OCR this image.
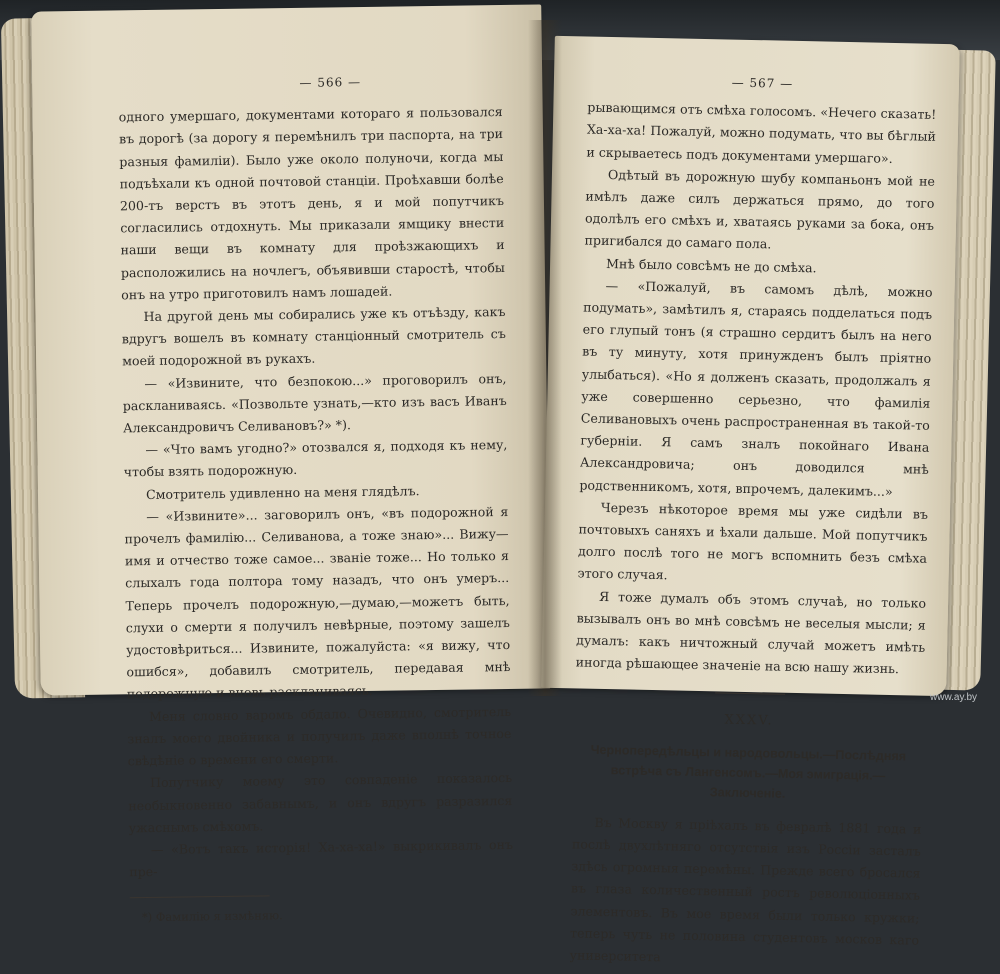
— 566 —

одного умершаго, документами котораго я пользовался въ дорогѣ (за дорогу я перемѣнилъ три паспорта, на три разныя фамиліи). Было уже около полуночи, когда мы подъѣхали къ одной почтовой станціи. Проѣхавши болѣе 200-тъ верстъ въ этотъ день, я и мой попутчикъ согласились отдохнуть. Мы приказали ямщику внести наши вещи въ комнату для проѣзжающихъ и расположились на ночлегъ, объявивши старостѣ, чтобы онъ на утро приготовилъ намъ лошадей.

На другой день мы собирались уже къ отъѣзду, какъ вдругъ вошелъ въ комнату станціонный смотритель съ моей подорожной въ рукахъ.

— «Извините, что безпокою...» проговорилъ онъ, раскланиваясь. «Позвольте узнать,—кто изъ васъ Иванъ Александровичъ Селивановъ?» *).

— «Что вамъ угодно?» отозвался я, подходя къ нему, чтобы взять подорожную.

Смотритель удивленно на меня глядѣлъ.

— «Извините»... заговорилъ онъ, «въ подорожной я прочелъ фамилію... Селиванова, а тоже знаю»... Вижу—имя и отчество тоже самое... званіе тоже... Но только я слыхалъ года полтора тому назадъ, что онъ умеръ... Теперь прочелъ подорожную,—думаю,—можетъ быть, слухи о смерти я получилъ невѣрные, поэтому зашелъ удостовѣриться... Извините, пожалуйста: «я вижу, что ошибся», добавилъ смотритель, передавая мнѣ подорожную и вновь раскланиваясь.

Меня словно варомъ обдало. Очевидно, смотритель зналъ моего двойника и получилъ даже вполнѣ точное свѣдѣніе о времени его смерти.

Попутчику моему это совпаденіе показалось необыкновенно забавнымъ, и онъ вдругъ разразился ужаснымъ смѣхомъ.

— «Вотъ такъ исторія! Ха-ха-ха!» выкрикивалъ онъ пре-

*) Фамилію я измѣняю.

— 567 —

рывающимся отъ смѣха голосомъ. «Нечего сказать! Ха-ха-ха! Пожалуй, можно подумать, что вы бѣглый и скрываетесь подъ документами умершаго».

Одѣтый въ дорожную шубу компаньонъ мой не имѣлъ даже силъ держаться прямо, до того одолѣлъ его смѣхъ и, хватаясь руками за бока, онъ пригибался до самаго пола.

Мнѣ было совсѣмъ не до смѣха.

— «Пожалуй, въ самомъ дѣлѣ, можно подумать», замѣтилъ я, стараясь подделаться подъ его глупый тонъ (я страшно сердитъ былъ на него въ ту минуту, хотя принужденъ былъ пріятно улыбаться). «Но я долженъ сказать, продолжалъ я уже совершенно серьезно, что фамилія Селивановыхъ очень распространенная въ такой-то губерніи. Я самъ зналъ покойнаго Ивана Александровича; онъ доводился мнѣ родственникомъ, хотя, впрочемъ, далекимъ...»

Черезъ нѣкоторое время мы уже сидѣли въ почтовыхъ саняхъ и ѣхали дальше. Мой попутчикъ долго послѣ того не могъ вспомнить безъ смѣха этого случая.

Я тоже думалъ объ этомъ случаѣ, но только вызывалъ онъ во мнѣ совсѣмъ не веселыя мысли; я думалъ: какъ ничтожный случай можетъ имѣть иногда рѣшающее значеніе на всю нашу жизнь.

XXXV.
Чернопередѣльцы и народовольцы.—Послѣдняя встрѣча съ Лангенсомъ.—Моя эмиграція.—Заключеніе.

Въ Москву я пріѣхалъ въ февралѣ 1881 года и послѣ двухлѣтняго отсутствія изъ Россіи засталъ здѣсь огромныя перемѣны. Прежде всего бросался въ глаза количественный ростъ революціонныхъ элементовъ. Въ мое время были только кружки; теперь чуть не половина студентовъ москов каго университета

www.ay.by
